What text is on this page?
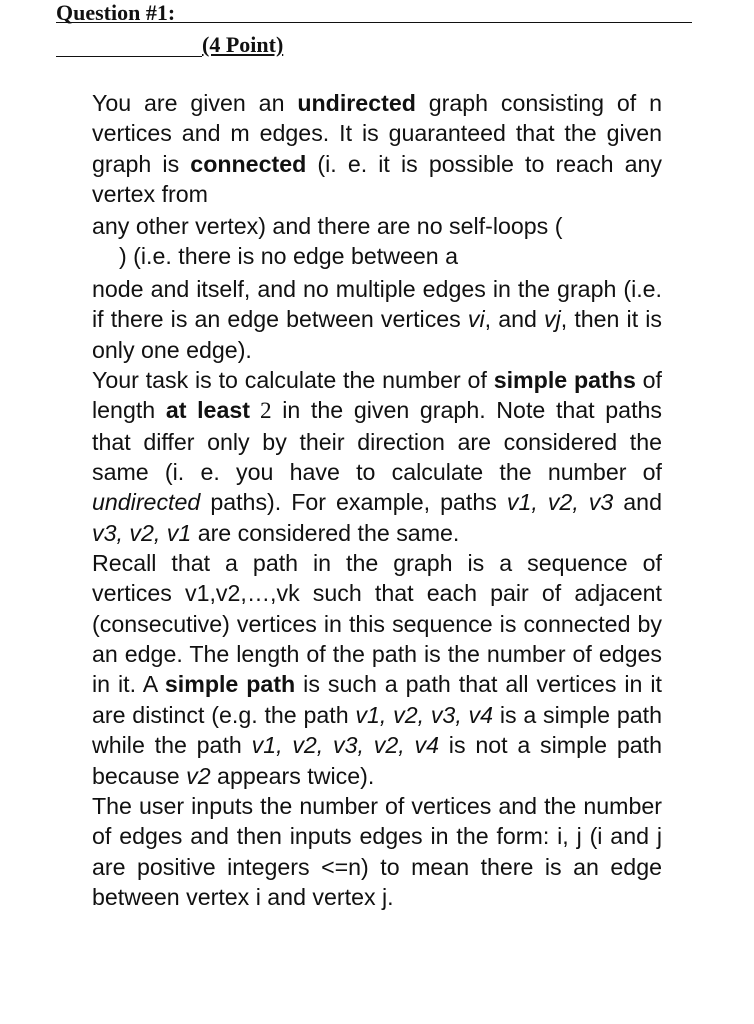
Question #1:
(4 Point)

You are given an undirected graph consisting of n vertices and m edges. It is guaranteed that the given graph is connected (i. e. it is possible to reach any vertex from

any other vertex) and there are no self-loops (

) (i.e. there is no edge between a

node and itself, and no multiple edges in the graph (i.e. if there is an edge between vertices vi, and vj, then it is only one edge).

Your task is to calculate the number of simple paths of length at least 2 in the given graph. Note that paths that differ only by their direction are considered the same (i. e. you have to calculate the number of undirected paths). For example, paths v1, v2, v3 and v3, v2, v1 are considered the same.

Recall that a path in the graph is a sequence of vertices v1,v2,…,vk such that each pair of adjacent (consecutive) vertices in this sequence is connected by an edge. The length of the path is the number of edges in it. A simple path is such a path that all vertices in it are distinct (e.g. the path v1, v2, v3, v4 is a simple path while the path v1, v2, v3, v2, v4 is not a simple path because v2 appears twice).

The user inputs the number of vertices and the number of edges and then inputs edges in the form: i, j (i and j are positive integers <=n) to mean there is an edge between vertex i and vertex j.
